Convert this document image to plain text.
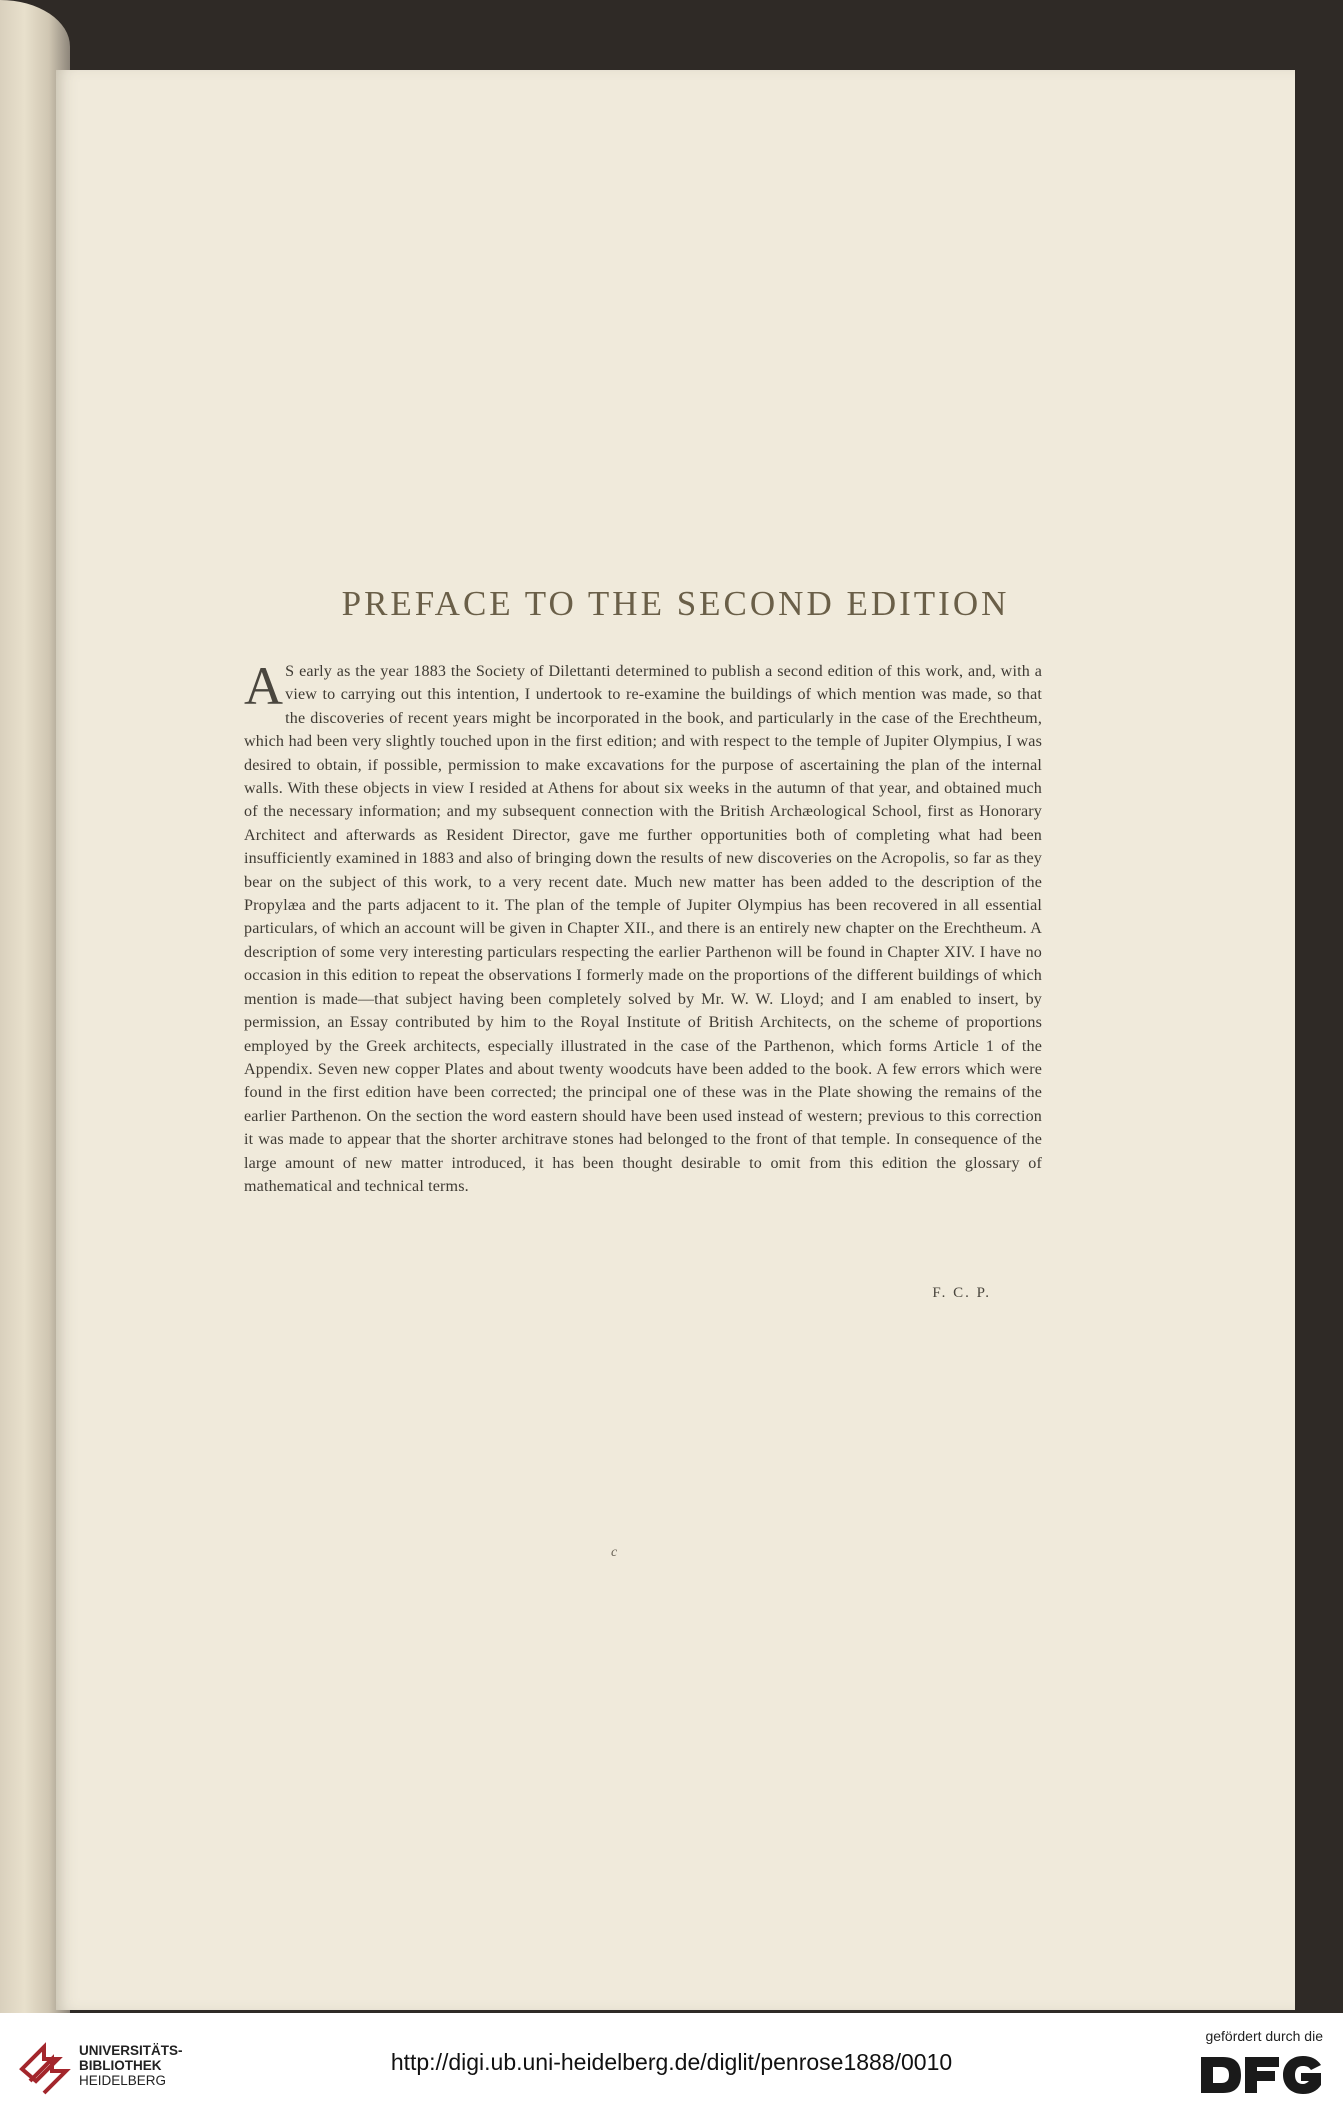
PREFACE TO THE SECOND EDITION

A S early as the year 1883 the Society of Dilettanti determined to publish a second edition of this work, and, with a view to carrying out this intention, I undertook to re-examine the buildings of which mention was made, so that the discoveries of recent years might be incorporated in the book, and particularly in the case of the Erechtheum, which had been very slightly touched upon in the first edition; and with respect to the temple of Jupiter Olympius, I was desired to obtain, if possible, permission to make excavations for the purpose of ascertaining the plan of the internal walls. With these objects in view I resided at Athens for about six weeks in the autumn of that year, and obtained much of the necessary information; and my subsequent connection with the British Archæological School, first as Honorary Architect and afterwards as Resident Director, gave me further opportunities both of completing what had been insufficiently examined in 1883 and also of bringing down the results of new discoveries on the Acropolis, so far as they bear on the subject of this work, to a very recent date. Much new matter has been added to the description of the Propylæa and the parts adjacent to it. The plan of the temple of Jupiter Olympius has been recovered in all essential particulars, of which an account will be given in Chapter XII., and there is an entirely new chapter on the Erechtheum. A description of some very interesting particulars respecting the earlier Parthenon will be found in Chapter XIV. I have no occasion in this edition to repeat the observations I formerly made on the proportions of the different buildings of which mention is made—that subject having been completely solved by Mr. W. W. Lloyd; and I am enabled to insert, by permission, an Essay contributed by him to the Royal Institute of British Architects, on the scheme of proportions employed by the Greek architects, especially illustrated in the case of the Parthenon, which forms Article 1 of the Appendix. Seven new copper Plates and about twenty woodcuts have been added to the book. A few errors which were found in the first edition have been corrected; the principal one of these was in the Plate showing the remains of the earlier Parthenon. On the section the word eastern should have been used instead of western; previous to this correction it was made to appear that the shorter architrave stones had belonged to the front of that temple. In consequence of the large amount of new matter introduced, it has been thought desirable to omit from this edition the glossary of mathematical and technical terms.

F. C. P.

c

UNIVERSITÄTS-
BIBLIOTHEK
HEIDELBERG
http://digi.ub.uni-heidelberg.de/diglit/penrose1888/0010
gefördert durch die
